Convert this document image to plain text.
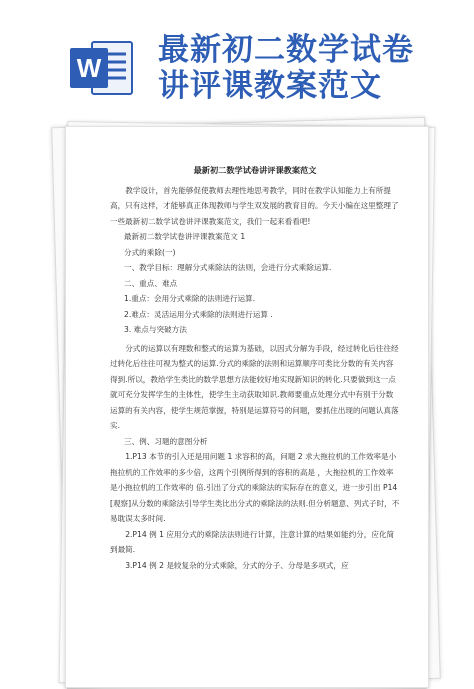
W 最新初二数学试卷
讲评课教案范文
最新初二数学试卷讲评课教案范文

教学设计，首先能够促使教师去理性地思考教学，同时在教学认知能力上有所提高，只有这样，才能够真正体现教师与学生双发展的教育目的。今天小编在这里整理了一些最新初二数学试卷讲评课教案范文，我们一起来看看吧!

最新初二数学试卷讲评课教案范文 1

分式的乘除(一)

一、教学目标：理解分式乘除法的法则，会进行分式乘除运算.

二、重点、难点

1.重点：会用分式乘除的法则进行运算.

2.难点：灵活运用分式乘除的法则进行运算 .

3. 难点与突破方法

分式的运算以有理数和整式的运算为基础，以因式分解为手段，经过转化后往往经过转化后往往可视为整式的运算.分式的乘除的法则和运算顺序可类比分数的有关内容得到.所以，教给学生类比的数学思想方法能较好地实现新知识的转化.只要做到这一点就可充分发挥学生的主体性，使学生主动获取知识.教师要重点处理分式中有别于分数运算的有关内容，使学生规范掌握，特别是运算符号的问题，要抓住出现的问题认真落实.

三、例、习题的意图分析

1.P13 本节的引入还是用问题 1 求容积的高，问题 2 求大拖拉机的工作效率是小拖拉机的工作效率的多少倍，这两个引例所得到的容积的高是 ，大拖拉机的工作效率是小拖拉机的工作效率的 倍.引出了分式的乘除法的实际存在的意义，进一步引出 P14[观察]从分数的乘除法引导学生类比出分式的乘除法的法则.但分析题意、列式子时，不易耽误太多时间.

2.P14 例 1 应用分式的乘除法法则进行计算，注意计算的结果如能约分，应化简到最简.

3.P14 例 2 是较复杂的分式乘除，分式的分子、分母是多项式，应
